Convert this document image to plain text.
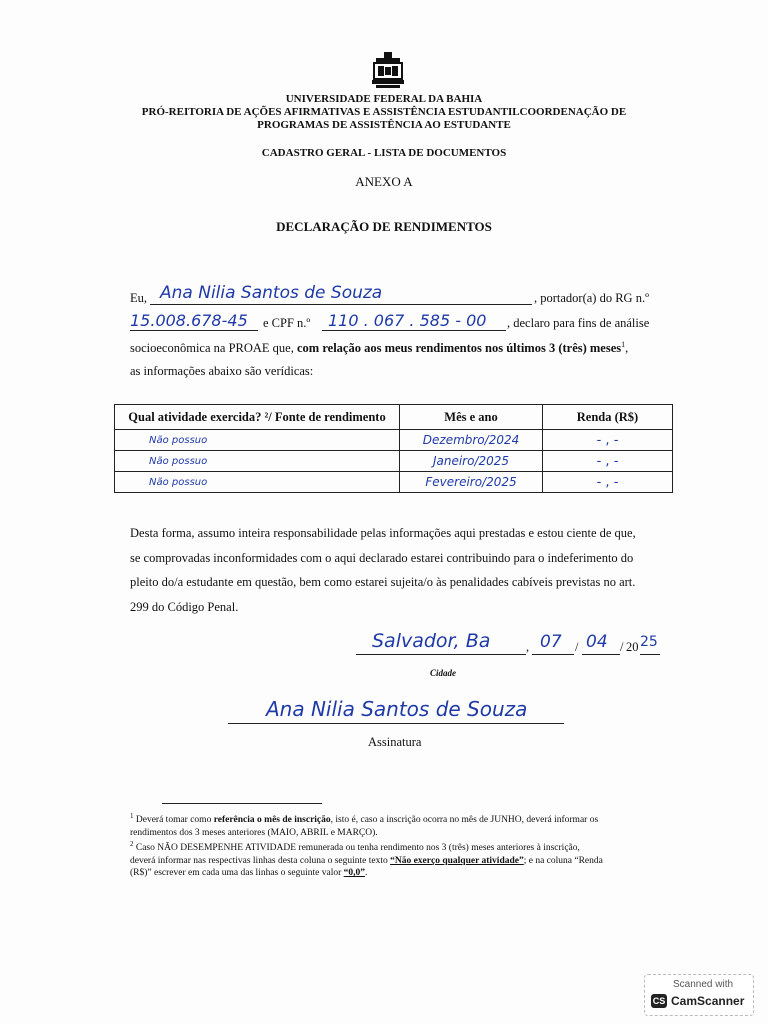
UNIVERSIDADE FEDERAL DA BAHIA
PRÓ-REITORIA DE AÇÕES AFIRMATIVAS E ASSISTÊNCIA ESTUDANTILCOORDENAÇÃO DE
PROGRAMAS DE ASSISTÊNCIA AO ESTUDANTE
CADASTRO GERAL - LISTA DE DOCUMENTOS
ANEXO A
DECLARAÇÃO DE RENDIMENTOS
Eu, Ana Nilia Santos de Souza	, portador(a) do RG n.º
15.008.678-45 e CPF n.º 110 . 067 . 585 - 00 , declaro para fins de análise
socioeconômica na PROAE que, com relação aos meus rendimentos nos últimos 3 (três) meses$^1$,
as informações abaixo são verídicas:
Qual atividade exercida? ²/ Fonte de rendimento	Mês e ano	Renda (R$)
Não possuo	Dezembro/2024	- , -
Não possuo	Janeiro/2025	- , -
Não possuo	Fevereiro/2025	- , -
Desta forma, assumo inteira responsabilidade pelas informações aqui prestadas e estou ciente de que,
se comprovadas inconformidades com o aqui declarado estarei contribuindo para o indeferimento do
pleito do/a estudante em questão, bem como estarei sujeita/o às penalidades cabíveis previstas no art.
299 do Código Penal.
Salvador, Ba	, 07 / 04 / 20 25
Cidade
Ana Nilia Santos de Souza
Assinatura
$^1$ Deverá tomar como referência o mês de inscrição, isto é, caso a inscrição ocorra no mês de JUNHO, deverá informar os
rendimentos dos 3 meses anteriores (MAIO, ABRIL e MARÇO).
$^2$ Caso NÃO DESEMPENHE ATIVIDADE remunerada ou tenha rendimento nos 3 (três) meses anteriores à inscrição,
deverá informar nas respectivas linhas desta coluna o seguinte texto “Não exerço qualquer atividade”; e na coluna “Renda
(R$)” escrever em cada uma das linhas o seguinte valor “0,0”.
Scanned with
CS CamScanner
